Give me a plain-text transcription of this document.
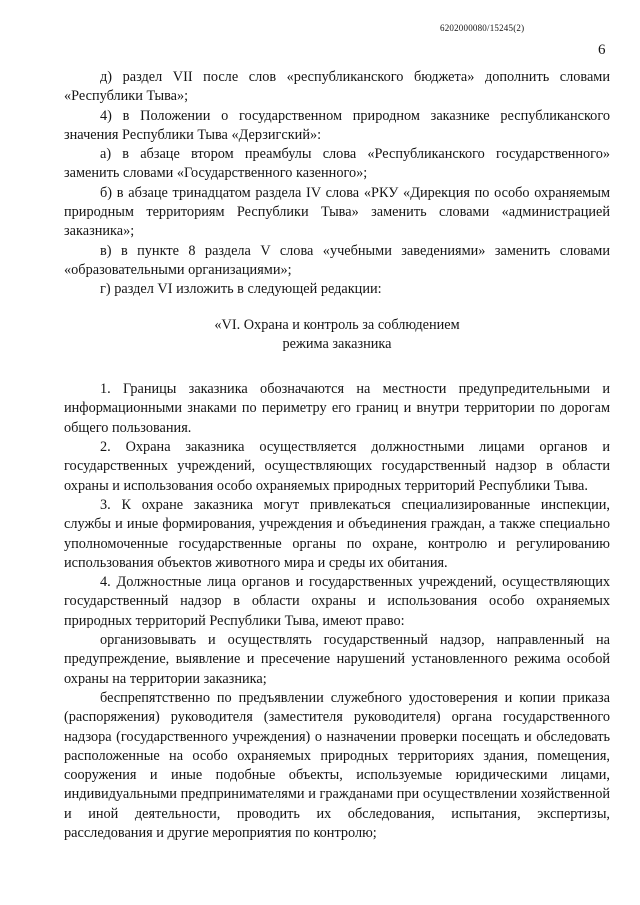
6202000080/15245(2)
6

д) раздел VII после слов «республиканского бюджета» дополнить словами «Республики Тыва»;

4) в Положении о государственном природном заказнике республиканского значения Республики Тыва «Дерзигский»:

а) в абзаце втором преамбулы слова «Республиканского государственного» заменить словами «Государственного казенного»;

б) в абзаце тринадцатом раздела IV слова «РКУ «Дирекция по особо охраняемым природным территориям Республики Тыва» заменить словами «администрацией заказника»;

в) в пункте 8 раздела V слова «учебными заведениями» заменить словами «образовательными организациями»;

г) раздел VI изложить в следующей редакции:

«VI. Охрана и контроль за соблюдением
режима заказника

1. Границы заказника обозначаются на местности предупредительными и информационными знаками по периметру его границ и внутри территории по дорогам общего пользования.

2. Охрана заказника осуществляется должностными лицами органов и государственных учреждений, осуществляющих государственный надзор в области охраны и использования особо охраняемых природных территорий Республики Тыва.

3. К охране заказника могут привлекаться специализированные инспекции, службы и иные формирования, учреждения и объединения граждан, а также специально уполномоченные государственные органы по охране, контролю и регулированию использования объектов животного мира и среды их обитания.

4. Должностные лица органов и государственных учреждений, осуществляющих государственный надзор в области охраны и использования особо охраняемых природных территорий Республики Тыва, имеют право:

организовывать и осуществлять государственный надзор, направленный на предупреждение, выявление и пресечение нарушений установленного режима особой охраны на территории заказника;

беспрепятственно по предъявлении служебного удостоверения и копии приказа (распоряжения) руководителя (заместителя руководителя) органа государственного надзора (государственного учреждения) о назначении проверки посещать и обследовать расположенные на особо охраняемых природных территориях здания, помещения, сооружения и иные подобные объекты, используемые юридическими лицами, индивидуальными предпринимателями и гражданами при осуществлении хозяйственной и иной деятельности, проводить их обследования, испытания, экспертизы, расследования и другие мероприятия по контролю;
